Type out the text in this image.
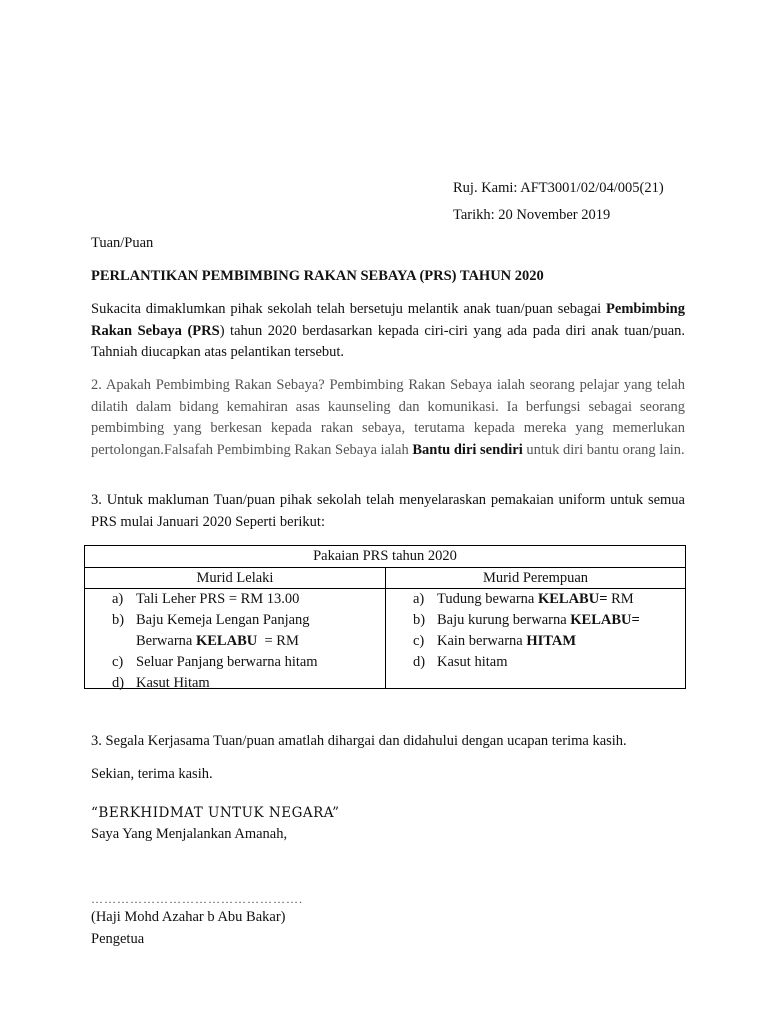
Ruj. Kami: AFT3001/02/04/005(21)
Tarikh: 20 November 2019
Tuan/Puan
PERLANTIKAN PEMBIMBING RAKAN SEBAYA (PRS) TAHUN 2020
Sukacita dimaklumkan pihak sekolah telah bersetuju melantik anak tuan/puan sebagai Pembimbing Rakan Sebaya (PRS) tahun 2020 berdasarkan kepada ciri-ciri yang ada pada diri anak tuan/puan. Tahniah diucapkan atas pelantikan tersebut.
2. Apakah Pembimbing Rakan Sebaya? Pembimbing Rakan Sebaya ialah seorang pelajar yang telah dilatih dalam bidang kemahiran asas kaunseling dan komunikasi. Ia berfungsi sebagai seorang pembimbing yang berkesan kepada rakan sebaya, terutama kepada mereka yang memerlukan pertolongan.Falsafah Pembimbing Rakan Sebaya ialah Bantu diri sendiri untuk diri bantu orang lain.
3. Untuk makluman Tuan/puan pihak sekolah telah menyelaraskan pemakaian uniform untuk semua PRS mulai Januari 2020 Seperti berikut:
Pakaian PRS tahun 2020
Murid Lelaki	Murid Perempuan
a) Tali Leher PRS = RM 13.00
b) Baju Kemeja Lengan Panjang
Berwarna KELABU  = RM
c) Seluar Panjang berwarna hitam
d) Kasut Hitam
a) Tudung bewarna KELABU= RM
b) Baju kurung berwarna KELABU=
c) Kain berwarna HITAM
d) Kasut hitam
3. Segala Kerjasama Tuan/puan amatlah dihargai dan didahului dengan ucapan terima kasih.
Sekian, terima kasih.
“BERKHIDMAT UNTUK NEGARA”
Saya Yang Menjalankan Amanah,
………………………………………….
(Haji Mohd Azahar b Abu Bakar)
Pengetua
